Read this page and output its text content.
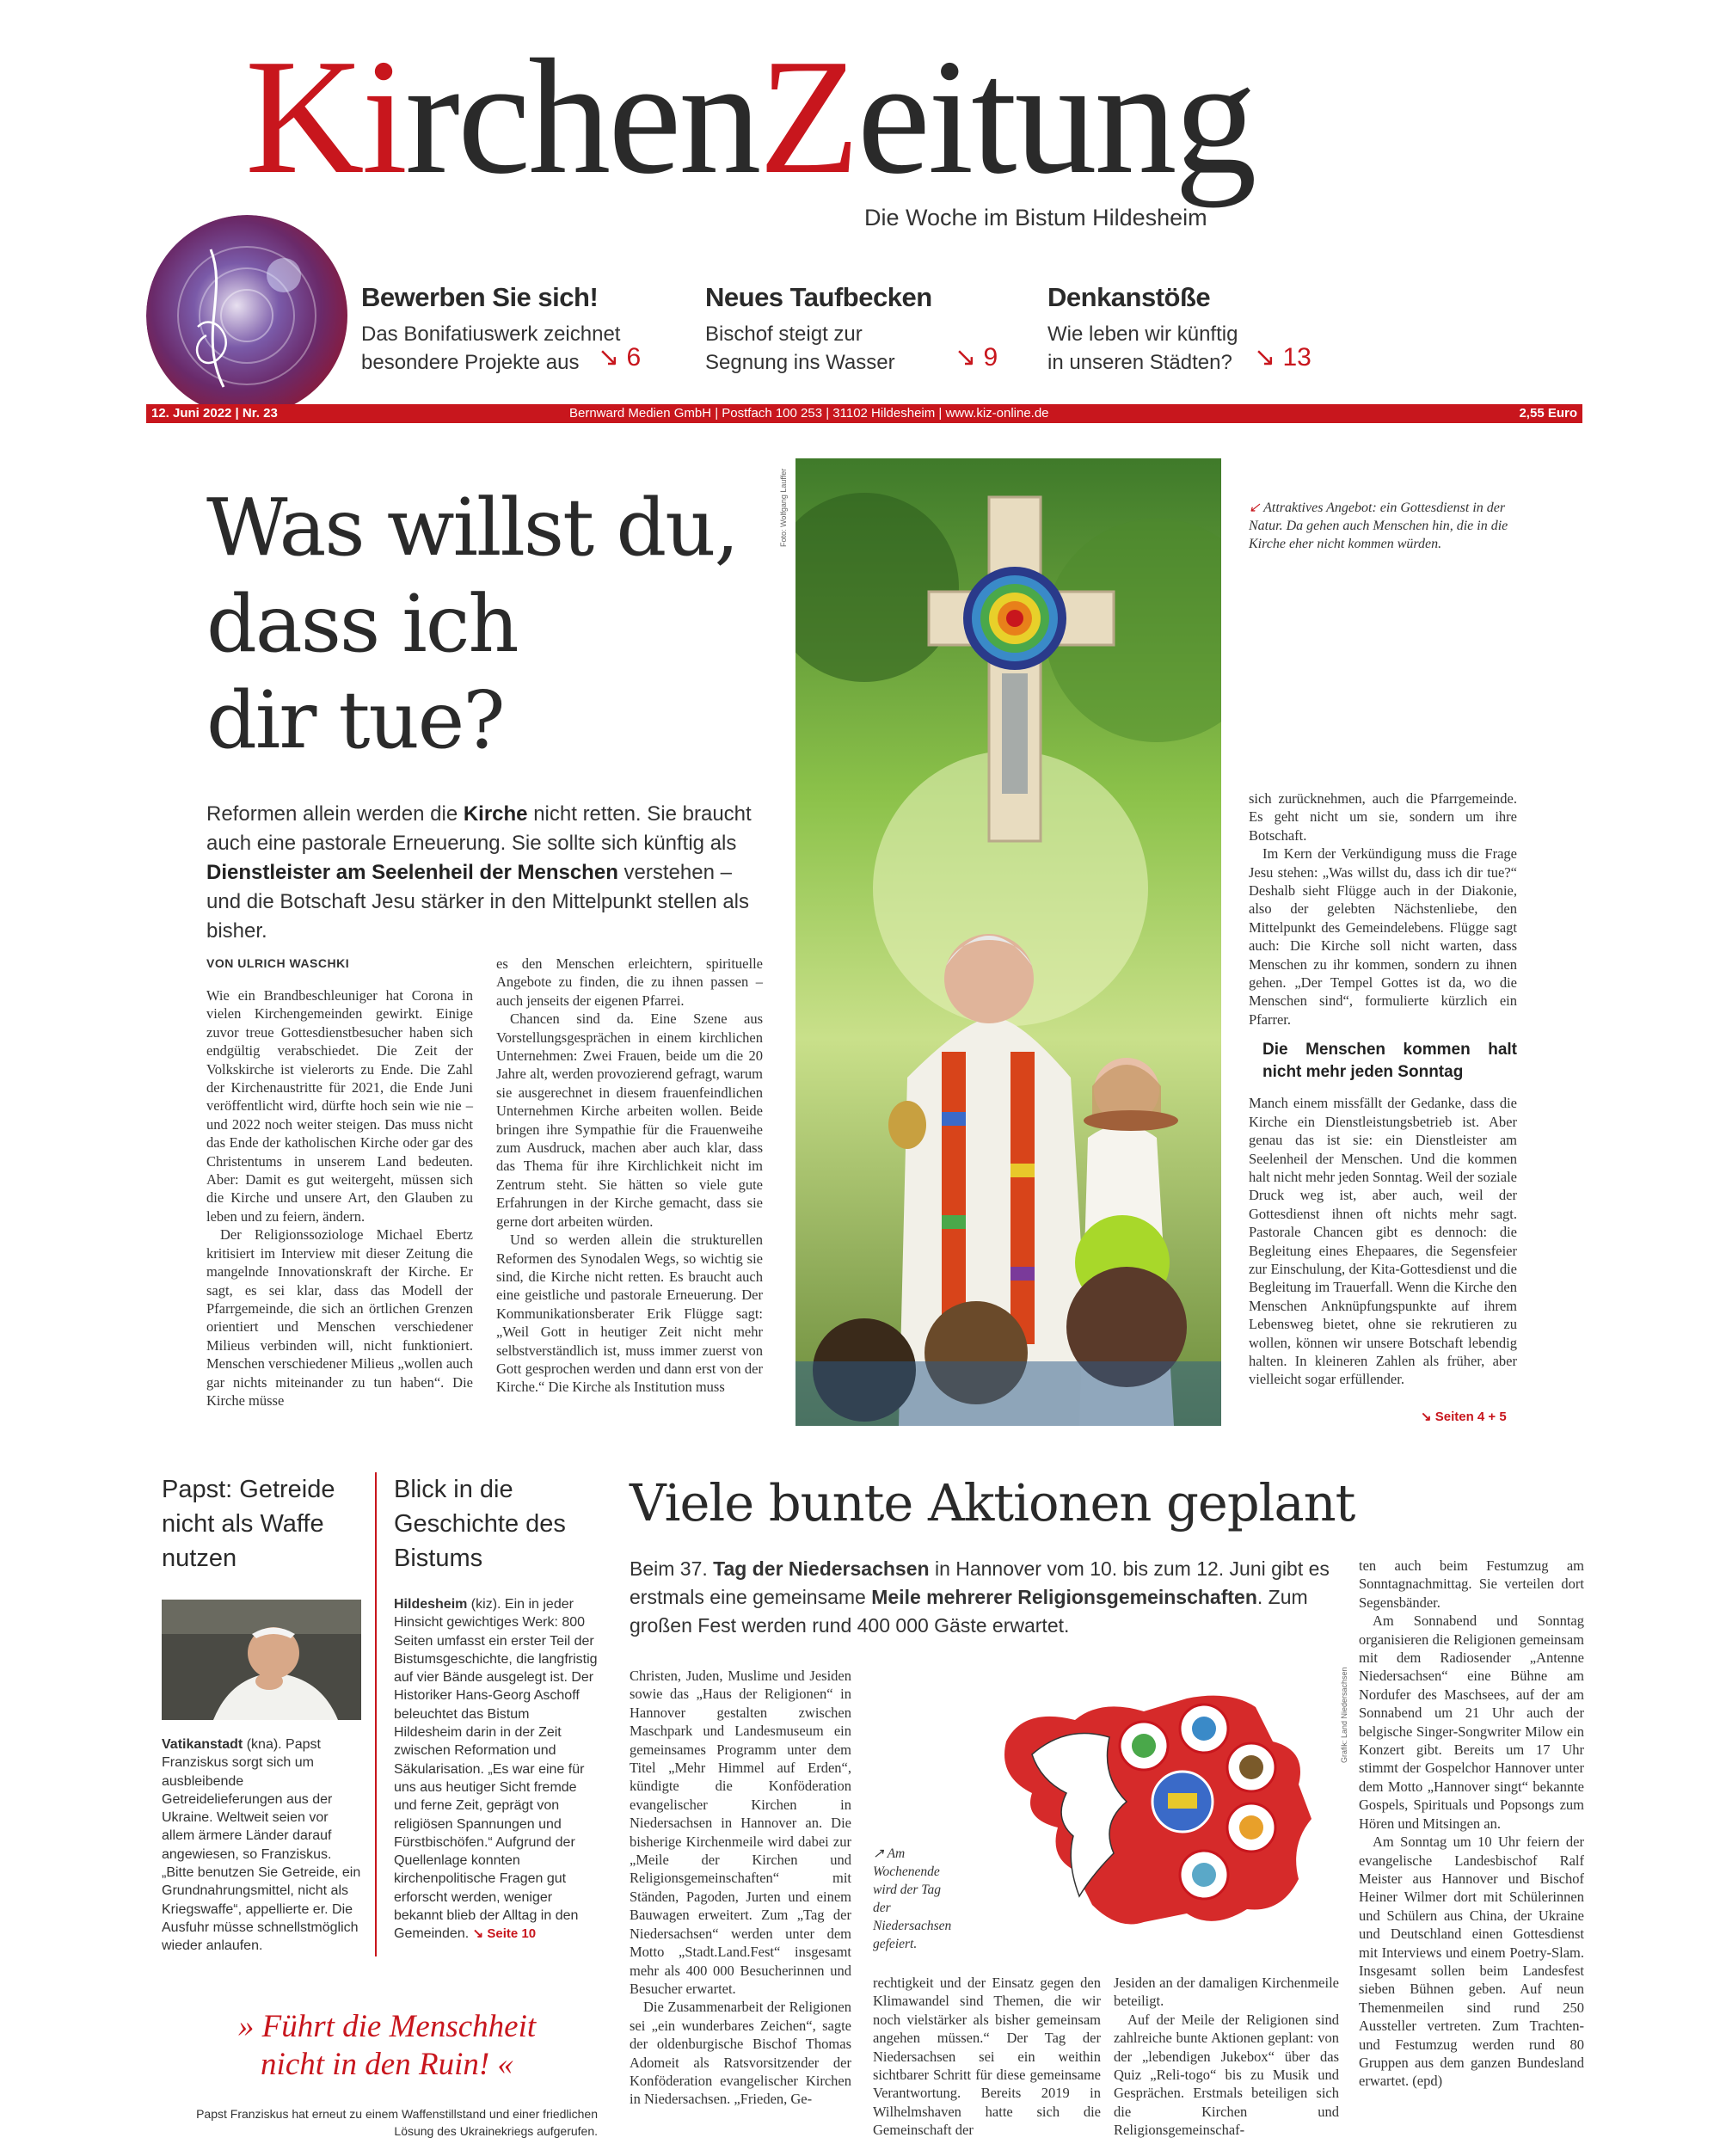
KirchenZeitung
Die Woche im Bistum Hildesheim
Bewerben Sie sich!

Das Bonifatiuswerk zeichnet

besondere Projekte aus ↘ 6
Neues Taufbecken

Bischof steigt zur

Segnung ins Wasser	↘ 9
Denkanstöße

Wie leben wir künftig

in unseren Städten? ↘ 13
12. Juni 2022 | Nr. 23	Bernward Medien GmbH | Postfach 100 253 | 31102 Hildesheim | www.kiz-online.de	2,55 Euro
Was willst du,
dass ich
dir tue?
Reformen allein werden die Kirche nicht retten. Sie braucht auch eine pastorale Erneuerung. Sie sollte sich künftig als Dienstleister am Seelenheil der Menschen verstehen – und die Botschaft Jesu stärker in den Mittelpunkt stellen als bisher.
VON ULRICH WASCHKI

Wie ein Brandbeschleuniger hat Corona in vielen Kirchengemeinden gewirkt. Einige zuvor treue Gottesdienstbesucher haben sich endgültig verabschiedet. Die Zeit der Volkskirche ist vielerorts zu Ende. Die Zahl der Kirchenaustritte für 2021, die Ende Juni veröffentlicht wird, dürfte hoch sein wie nie – und 2022 noch weiter steigen. Das muss nicht das Ende der katholischen Kirche oder gar des Christentums in unserem Land bedeuten. Aber: Damit es gut weitergeht, müssen sich die Kirche und unsere Art, den Glauben zu leben und zu feiern, ändern.

Der Religionssoziologe Michael Ebertz kritisiert im Interview mit dieser Zeitung die mangelnde Innovationskraft der Kirche. Er sagt, es sei klar, dass das Modell der Pfarrgemeinde, die sich an örtlichen Grenzen orientiert und Menschen verschiedener Milieus verbinden will, nicht funktioniert. Menschen verschiedener Milieus „wollen auch gar nichts miteinander zu tun haben“. Die Kirche müsse

es den Menschen erleichtern, spirituelle Angebote zu finden, die zu ihnen passen – auch jenseits der eigenen Pfarrei.

Chancen sind da. Eine Szene aus Vorstellungsgesprächen in einem kirchlichen Unternehmen: Zwei Frauen, beide um die 20 Jahre alt, werden provozierend gefragt, warum sie ausgerechnet in diesem frauenfeindlichen Unternehmen Kirche arbeiten wollen. Beide bringen ihre Sympathie für die Frauenweihe zum Ausdruck, machen aber auch klar, dass das Thema für ihre Kirchlichkeit nicht im Zentrum steht. Sie hätten so viele gute Erfahrungen in der Kirche gemacht, dass sie gerne dort arbeiten würden.

Und so werden allein die strukturellen Reformen des Synodalen Wegs, so wichtig sie sind, die Kirche nicht retten. Es braucht auch eine geistliche und pastorale Erneuerung. Der Kommunikationsberater Erik Flügge sagt: „Weil Gott in heutiger Zeit nicht mehr selbstverständlich ist, muss immer zuerst von Gott gesprochen werden und dann erst von der Kirche.“ Die Kirche als Institution muss

Foto: Wolfgang Lauffer	↙ Attraktives Angebot: ein Gottesdienst in der Natur. Da gehen auch Menschen hin, die in die Kirche eher nicht kommen würden.

sich zurücknehmen, auch die Pfarrgemeinde. Es geht nicht um sie, sondern um ihre Botschaft.

Im Kern der Verkündigung muss die Frage Jesu stehen: „Was willst du, dass ich dir tue?“ Deshalb sieht Flügge auch in der Diakonie, also der gelebten Nächstenliebe, den Mittelpunkt des Gemeindelebens. Flügge sagt auch: Die Kirche soll nicht warten, dass Menschen zu ihr kommen, sondern zu ihnen gehen. „Der Tempel Gottes ist da, wo die Menschen sind“, formulierte kürzlich ein Pfarrer.

Die Menschen kommen halt nicht mehr jeden Sonntag

Manch einem missfällt der Gedanke, dass die Kirche ein Dienstleistungsbetrieb ist. Aber genau das ist sie: ein Dienstleister am Seelenheil der Menschen. Und die kommen halt nicht mehr jeden Sonntag. Weil der soziale Druck weg ist, aber auch, weil der Gottesdienst ihnen oft nichts mehr sagt. Pastorale Chancen gibt es dennoch: die Begleitung eines Ehepaares, die Segensfeier zur Einschulung, der Kita-Gottesdienst und die Begleitung im Trauerfall. Wenn die Kirche den Menschen Anknüpfungspunkte auf ihrem Lebensweg bietet, ohne sie rekrutieren zu wollen, können wir unsere Botschaft lebendig halten. In kleineren Zahlen als früher, aber vielleicht sogar erfüllender.

↘ Seiten 4 + 5
Papst: Getreide nicht als Waffe nutzen
Vatikanstadt (kna). Papst Franziskus sorgt sich um ausbleibende Getreidelieferungen aus der Ukraine. Weltweit seien vor allem ärmere Länder darauf angewiesen, so Franziskus. „Bitte benutzen Sie Getreide, ein Grundnahrungsmittel, nicht als Kriegswaffe“, appellierte er. Die Ausfuhr müsse schnellstmöglich wieder anlaufen.
Blick in die Geschichte des Bistums
Hildesheim (kiz). Ein in jeder Hinsicht gewichtiges Werk: 800 Seiten umfasst ein erster Teil der Bistumsgeschichte, die langfristig auf vier Bände ausgelegt ist. Der Historiker Hans-Georg Aschoff beleuchtet das Bistum Hildesheim darin in der Zeit zwischen Reformation und Säkularisation. „Es war eine für uns aus heutiger Sicht fremde und ferne Zeit, geprägt von religiösen Spannungen und Fürstbischöfen.“ Aufgrund der Quellenlage konnten kirchenpolitische Fragen gut erforscht werden, weniger bekannt blieb der Alltag in den Gemeinden. ↘ Seite 10
» Führt die Menschheit
nicht in den Ruin! «
Papst Franziskus hat erneut zu einem Waffenstillstand und einer friedlichen Lösung des Ukrainekriegs aufgerufen.
Viele bunte Aktionen geplant
Beim 37. Tag der Niedersachsen in Hannover vom 10. bis zum 12. Juni gibt es erstmals eine gemeinsame Meile mehrerer Religionsgemeinschaften. Zum großen Fest werden rund 400 000 Gäste erwartet.

Christen, Juden, Muslime und Jesiden sowie das „Haus der Religionen“ in Hannover gestalten zwischen Maschpark und Landesmuseum ein gemeinsames Programm unter dem Titel „Mehr Himmel auf Erden“, kündigte die Konföderation evangelischer Kirchen in Niedersachsen in Hannover an. Die bisherige Kirchenmeile wird dabei zur „Meile der Kirchen und Religionsgemeinschaften“ mit Ständen, Pagoden, Jurten und einem Bauwagen erweitert. Zum „Tag der Niedersachsen“ werden unter dem Motto „Stadt.Land.Fest“ insgesamt mehr als 400 000 Besucherinnen und Besucher erwartet.

Die Zusammenarbeit der Religionen sei „ein wunderbares Zeichen“, sagte der oldenburgische Bischof Thomas Adomeit als Ratsvorsitzender der Konföderation evangelischer Kirchen in Niedersachsen. „Frieden, Ge-

↗ Am Wochenende wird der Tag der Niedersachsen gefeiert.
Grafik: Land Niedersachsen

rechtigkeit und der Einsatz gegen den Klimawandel sind Themen, die wir noch vielstärker als bisher gemeinsam angehen müssen.“ Der Tag der Niedersachsen sei ein weithin sichtbarer Schritt für diese gemeinsame Verantwortung. Bereits 2019 in Wilhelmshaven hatte sich die Gemeinschaft der

Jesiden an der damaligen Kirchenmeile beteiligt.

Auf der Meile der Religionen sind zahlreiche bunte Aktionen geplant: von der „lebendigen Jukebox“ über das Quiz „Reli-togo“ bis zu Musik und Gesprächen. Erstmals beteiligen sich die Kirchen und Religionsgemeinschaf-

ten auch beim Festumzug am Sonntagnachmittag. Sie verteilen dort Segensbänder.

Am Sonnabend und Sonntag organisieren die Religionen gemeinsam mit dem Radiosender „Antenne Niedersachsen“ eine Bühne am Nordufer des Maschsees, auf der am Sonnabend um 21 Uhr auch der belgische Singer-Songwriter Milow ein Konzert gibt. Bereits um 17 Uhr stimmt der Gospelchor Hannover unter dem Motto „Hannover singt“ bekannte Gospels, Spirituals und Popsongs zum Hören und Mitsingen an.

Am Sonntag um 10 Uhr feiern der evangelische Landesbischof Ralf Meister aus Hannover und Bischof Heiner Wilmer dort mit Schülerinnen und Schülern aus China, der Ukraine und Deutschland einen Gottesdienst mit Interviews und einem Poetry-Slam. Insgesamt sollen beim Landesfest sieben Bühnen geben. Auf neun Themenmeilen sind rund 250 Aussteller vertreten. Zum Trachten- und Festumzug werden rund 80 Gruppen aus dem ganzen Bundesland erwartet. (epd)
